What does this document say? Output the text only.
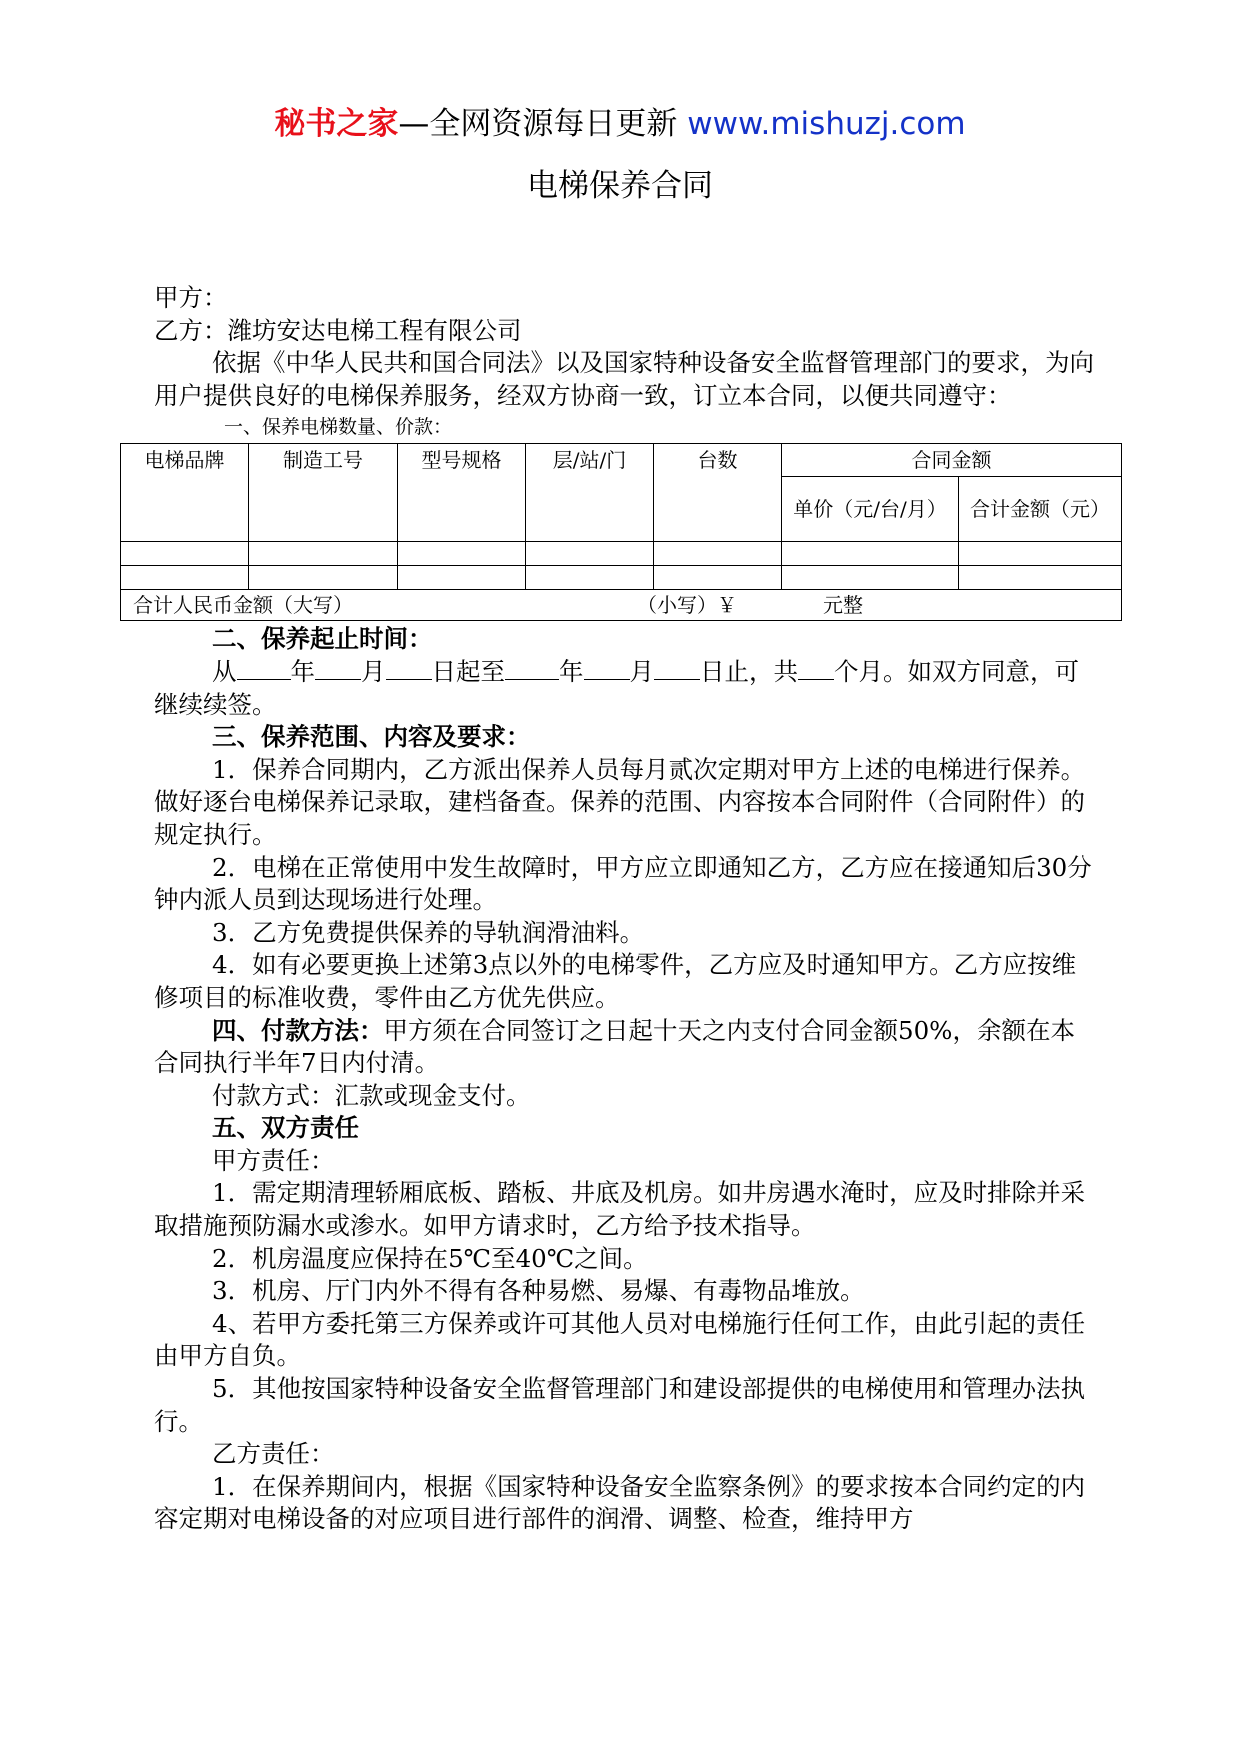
秘书之家—全网资源每日更新 www.mishuzj.com
电梯保养合同

甲方：

乙方：潍坊安达电梯工程有限公司

依据《中华人民共和国合同法》以及国家特种设备安全监督管理部门的要求，为向用户提供良好的电梯保养服务，经双方协商一致，订立本合同，以便共同遵守：

一、保养电梯数量、价款：

电梯品牌	制造工号	型号规格	层/站/门	台数	合同金额	
					单价（元/台/月）	合计金额（元）

合计人民币金额（大写） （小写）￥ 元整						

二、保养起止时间：

从 年 月 日起至 年 月 日止，共 个月。如双方同意，可继续续签。

三、保养范围、内容及要求：

1．保养合同期内，乙方派出保养人员每月贰次定期对甲方上述的电梯进行保养。做好逐台电梯保养记录取，建档备查。保养的范围、内容按本合同附件（合同附件）的规定执行。

2．电梯在正常使用中发生故障时，甲方应立即通知乙方，乙方应在接通知后30分钟内派人员到达现场进行处理。

3．乙方免费提供保养的导轨润滑油料。

4．如有必要更换上述第3点以外的电梯零件，乙方应及时通知甲方。乙方应按维修项目的标准收费，零件由乙方优先供应。

四、付款方法：甲方须在合同签订之日起十天之内支付合同金额50%，余额在本合同执行半年7日内付清。

付款方式：汇款或现金支付。

五、双方责任

甲方责任：

1．需定期清理轿厢底板、踏板、井底及机房。如井房遇水淹时，应及时排除并采取措施预防漏水或渗水。如甲方请求时，乙方给予技术指导。

2．机房温度应保持在5℃至40℃之间。

3．机房、厅门内外不得有各种易燃、易爆、有毒物品堆放。

4、若甲方委托第三方保养或许可其他人员对电梯施行任何工作，由此引起的责任由甲方自负。

5．其他按国家特种设备安全监督管理部门和建设部提供的电梯使用和管理办法执行。

乙方责任：

1．在保养期间内，根据《国家特种设备安全监察条例》的要求按本合同约定的内容定期对电梯设备的对应项目进行部件的润滑、调整、检查，维持甲方
